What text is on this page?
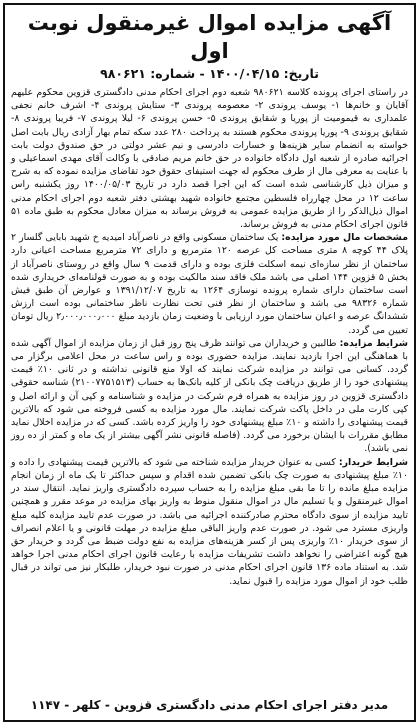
آگهی مزایده اموال غیرمنقول نوبت اول
تاریخ: ۱۴۰۰/۰۴/۱۵ - شماره: ۹۸۰۶۲۱

در راستای اجرای پرونده کلاسه ۹۸۰۶۲۱ شعبه دوم اجرای احکام مدنی دادگستری قزوین محکوم علیهم آقایان و خانم‌ها ۱- یوسف پروندی ۲- معصومه پروندی ۳- ستایش پروندی ۴- اشرف خانم نجفی علمداری به قیمومیت از پوریا و شقایق پروندی ۵- حسن پروندی ۶- لیلا پروندی ۷- فریبا پروندی ۸- شقایق پروندی ۹- پوریا پروندی محکوم هستند به پرداخت ۲۸۰ عدد سکه تمام بهار آزادی ریال بابت اصل خواسته به انضمام سایر هزینه‌ها و خسارات دادرسی و نیم عشر دولتی در حق صندوق دولت بابت اجرائیه صادره از شعبه اول دادگاه خانواده در حق خانم مریم صادقی با وکالت آقای مهدی اسماعیلی و با عنایت به معرفی مال از طرف محکوم له جهت استیفای حقوق خود تقاضای مزایده نموده که به شرح و میزان ذیل کارشناسی شده است که این اجرا قصد دارد در تاریخ ۱۴۰۰/۰۵/۰۳ روز یکشنبه راس ساعت ۱۲ در محل چهارراه فلسطین مجتمع خانواده شهید بهشتی دفتر شعبه دوم اجرای احکام مدنی اموال ذیل‌الذکر را از طریق مزایده عمومی به فروش برساند به میزان معادل محکوم به طبق ماده ۵۱ قانون اجرای احکام مدنی به فروش برساند.

مشخصات مال مورد مزایده: یک ساختمان مسکونی واقع در ناصرآباد امیدیه خ شهید بابایی گلسار ۲ پلاک ۴۴ کوچه ۸ متری مساحت کل عرصه ۱۲۰ مترمربع و دارای ۷۲ مترمربع مساحت اعیانی دارد ساختمان از نظر سازه‌ای نیمه اسکلت فلزی بوده و دارای قدمت ۹ سال واقع در روستای ناصرآباد از بخش ۵ قزوین ۱۴۴ اصلی می باشد ملک فاقد سند مالکیت بوده و به صورت قولنامه‌ای خریداری شده است ساختمان دارای شماره پرونده نوسازی ۱۲۶۴ به تاریخ ۱۳۹۱/۱۲/۰۷ و عوارض آن طبق فیش شماره ۹۸۳۲۶ می باشد و ساختمان از نظر فنی تحت نظارت ناظر ساختمانی بوده است ارزش ششدانگ عرصه و اعیان ساختمان مورد ارزیابی با وضعیت زمان بازدید مبلغ ۲٫۰۰۰٫۰۰۰٫۰۰۰ ریال تومان تعیین می گردد.

شرایط مزایده: طالبین و خریداران می توانند ظرف پنج روز قبل از زمان مزایده از اموال آگهی شده با هماهنگی این اجرا بازدید نمایند. مزایده حضوری بوده و راس ساعت در محل اعلامی برگزار می گردد. کسانی می توانند در مزایده شرکت نمایند که اولا منع قانونی نداشته و در ثانی ۱۰٪ قیمت پیشنهادی خود را از طریق دریافت چک بانکی از کلیه بانک‌ها به حساب (۲۱۰۰۷۷۵۱۵۱۳) شناسه حقوقی دادگستری قزوین در روز مزایده به همراه فرم شرکت در مزایده و شناسنامه و کپی آن و ارائه اصل و کپی کارت ملی در داخل پاکت شرکت نمایند. مال مورد مزایده به کسی فروخته می شود که بالاترین قیمت پیشنهادی را داشته و ۱۰٪ مبلغ پیشنهادی خود را واریز کرده باشد. کسی که در مزایده اخلال نماید مطابق مقررات با ایشان برخورد می گردد. (فاصله قانونی نشر آگهی بیشتر از یک ماه و کمتر از ده روز نمی باشد).

شرایط خریدار: کسی به عنوان خریدار مزایده شناخته می شود که بالاترین قیمت پیشنهادی را داده و ۱۰٪ مبلغ پیشنهادی به صورت چک بانکی تضمین شده اقدام و سپس حداکثر تا یک ماه از زمان انجام مزایده مبلغ مانده را تا ما بقی مبلغ مزایده را به حساب سپرده دادگستری واریز نماید. انتقال سند در اموال غیرمنقول و یا تسلیم مال در اموال منقول منوط به واریز بهای مزایده در موعد مقرر و همچنین تایید مزایده از سوی دادگاه محترم صادرکننده اجرائیه می باشد. در صورت عدم تایید مزایده کلیه مبلغ واریزی مسترد می شود. در صورت عدم واریز الباقی مبلغ مزایده در مهلت قانونی و یا اعلام انصراف از سوی خریدار ۱۰٪ واریزی پس از کسر هزینه‌های مزایده به نفع دولت ضبط می گردد و خریدار حق هیچ گونه اعتراضی را نخواهد داشت تشریفات مزایده با رعایت قانون اجرای احکام مدنی اجرا خواهد شد. به استناد ماده ۱۳۶ قانون اجرای احکام مدنی در صورت نبود خریدار، طلبکار نیز می تواند در قبال طلب خود از اموال مورد مزایده را قبول نماید.

مدیر دفتر اجرای احکام مدنی دادگستری قزوین - کلهر - ۱۱۴۷
